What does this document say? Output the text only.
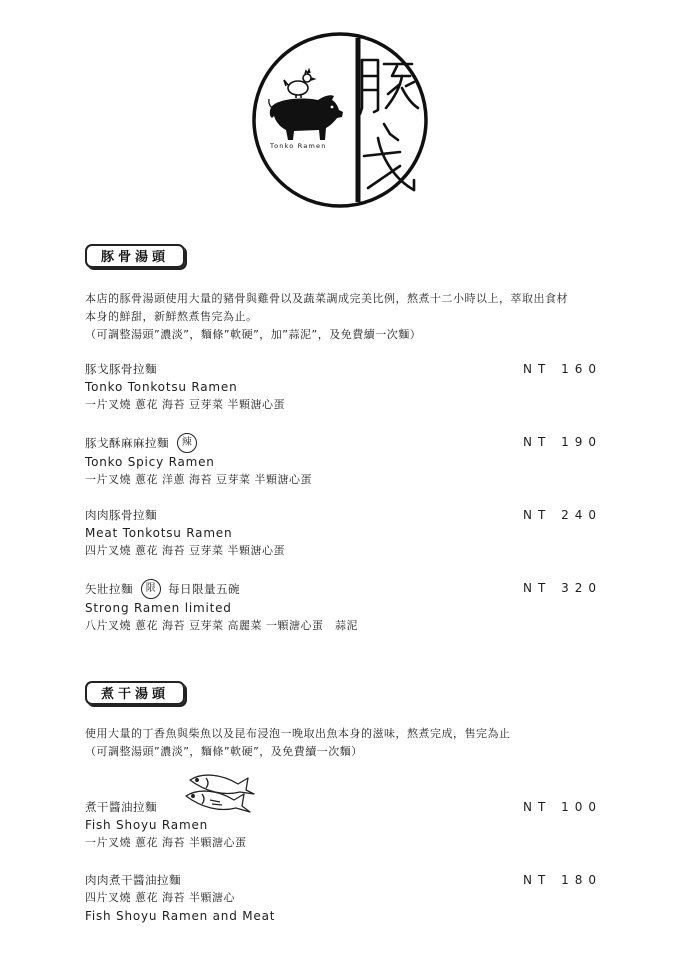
Tonko Ramen
豚骨湯頭
本店的豚骨湯頭使用大量的豬骨與雞骨以及蔬菜調成完美比例，熬煮十二小時以上，萃取出食材
本身的鮮甜，新鮮熬煮售完為止。
（可調整湯頭”濃淡”，麵條”軟硬”，加”蒜泥”，及免費續一次麵）
豚戈豚骨拉麵
Tonko Tonkotsu Ramen
一片叉燒 蔥花 海苔 豆芽菜 半顆溏心蛋
NT 160
豚戈酥麻麻拉麵	辣
Tonko Spicy Ramen
一片叉燒 蔥花 洋蔥 海苔 豆芽菜 半顆溏心蛋
NT 190
肉肉豚骨拉麵
Meat Tonkotsu Ramen
四片叉燒 蔥花 海苔 豆芽菜 半顆溏心蛋
NT 240
矢壯拉麵	限	每日限量五碗
Strong Ramen limited
八片叉燒 蔥花 海苔 豆芽菜 高麗菜 一顆溏心蛋　蒜泥
NT 320
煮干湯頭
使用大量的丁香魚與柴魚以及昆布浸泡一晚取出魚本身的滋味，熬煮完成，售完為止
（可調整湯頭”濃淡”，麵條”軟硬”，及免費續一次麵）
煮干醬油拉麵
Fish Shoyu Ramen
一片叉燒 蔥花 海苔 半顆溏心蛋
NT 100
肉肉煮干醬油拉麵
四片叉燒 蔥花 海苔 半顆溏心
Fish Shoyu Ramen and Meat
NT 180
